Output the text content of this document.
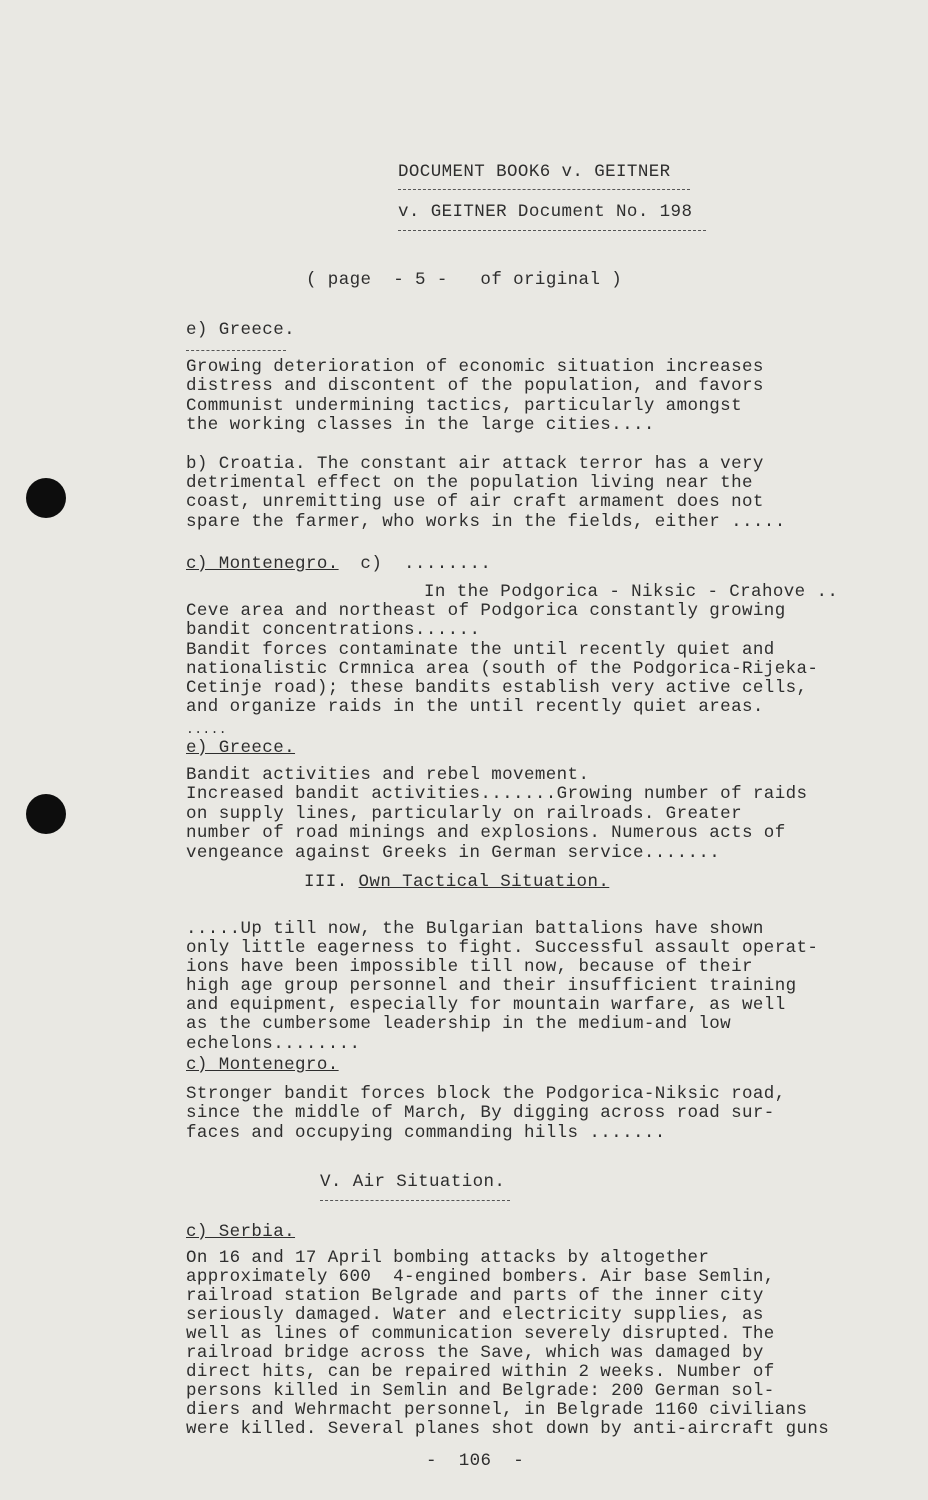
DOCUMENT BOOK6 v. GEITNER
v. GEITNER Document No. 198
( page  - 5 -   of original )
e) Greece.
Growing deterioration of economic situation increases
distress and discontent of the population, and favors
Communist undermining tactics, particularly amongst
the working classes in the large cities....
b) Croatia. The constant air attack terror has a very
detrimental effect on the population living near the
coast, unremitting use of air craft armament does not
spare the farmer, who works in the fields, either .....
c) Montenegro.  c)  ........
In the Podgorica - Niksic - Crahove ..
Ceve area and northeast of Podgorica constantly growing
bandit concentrations......
Bandit forces contaminate the until recently quiet and
nationalistic Crmnica area (south of the Podgorica-Rijeka-
Cetinje road); these bandits establish very active cells,
and organize raids in the until recently quiet areas.
.....
e) Greece.
Bandit activities and rebel movement.
Increased bandit activities.......Growing number of raids
on supply lines, particularly on railroads. Greater
number of road minings and explosions. Numerous acts of
vengeance against Greeks in German service.......
III. Own Tactical Situation.
.....Up till now, the Bulgarian battalions have shown
only little eagerness to fight. Successful assault operat-
ions have been impossible till now, because of their
high age group personnel and their insufficient training
and equipment, especially for mountain warfare, as well
as the cumbersome leadership in the medium-and low
echelons........
c) Montenegro.
Stronger bandit forces block the Podgorica-Niksic road,
since the middle of March, By digging across road sur-
faces and occupying commanding hills .......
V. Air Situation.
c) Serbia.
On 16 and 17 April bombing attacks by altogether
approximately 600  4-engined bombers. Air base Semlin,
railroad station Belgrade and parts of the inner city
seriously damaged. Water and electricity supplies, as
well as lines of communication severely disrupted. The
railroad bridge across the Save, which was damaged by
direct hits, can be repaired within 2 weeks. Number of
persons killed in Semlin and Belgrade: 200 German sol-
diers and Wehrmacht personnel, in Belgrade 1160 civilians
were killed. Several planes shot down by anti-aircraft guns
-  106  -
